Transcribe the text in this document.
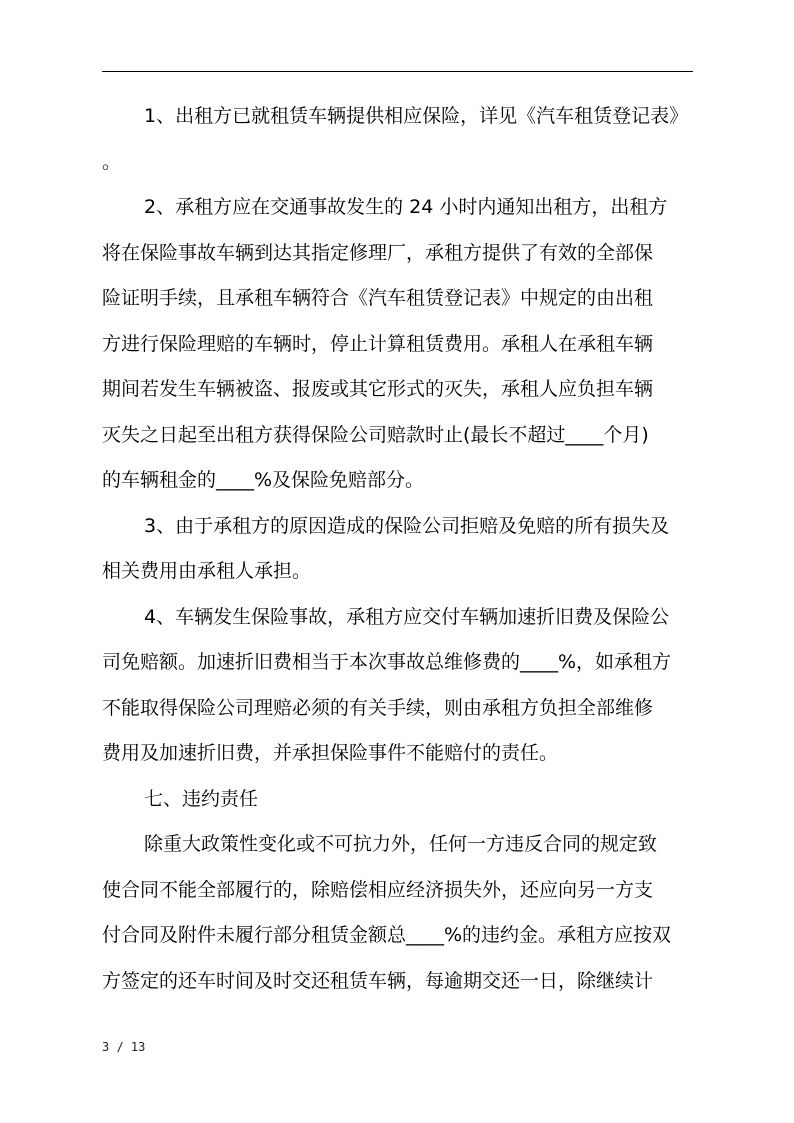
1、出租方已就租赁车辆提供相应保险，详见《汽车租赁登记表》
。
2、承租方应在交通事故发生的 24 小时内通知出租方，出租方
将在保险事故车辆到达其指定修理厂，承租方提供了有效的全部保
险证明手续，且承租车辆符合《汽车租赁登记表》中规定的由出租
方进行保险理赔的车辆时，停止计算租赁费用。承租人在承租车辆
期间若发生车辆被盗、报废或其它形式的灭失，承租人应负担车辆
灭失之日起至出租方获得保险公司赔款时止(最长不超过____个月)
的车辆租金的____%及保险免赔部分。
3、由于承租方的原因造成的保险公司拒赔及免赔的所有损失及
相关费用由承租人承担。
4、车辆发生保险事故，承租方应交付车辆加速折旧费及保险公
司免赔额。加速折旧费相当于本次事故总维修费的____%，如承租方
不能取得保险公司理赔必须的有关手续，则由承租方负担全部维修
费用及加速折旧费，并承担保险事件不能赔付的责任。
七、违约责任
除重大政策性变化或不可抗力外，任何一方违反合同的规定致
使合同不能全部履行的，除赔偿相应经济损失外，还应向另一方支
付合同及附件未履行部分租赁金额总____%的违约金。承租方应按双
方签定的还车时间及时交还租赁车辆，每逾期交还一日，除继续计
3 / 13
